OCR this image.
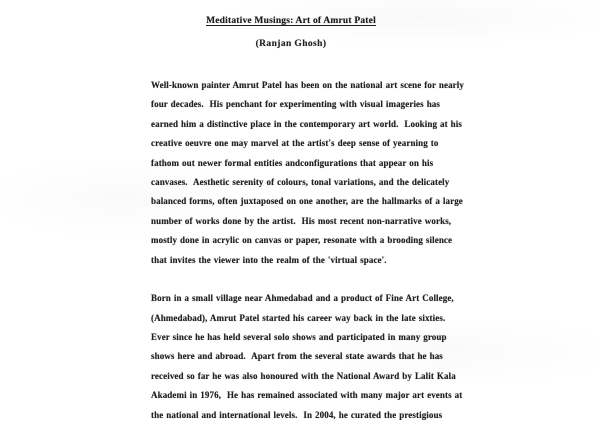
Meditative Musings: Art of Amrut Patel
(Ranjan Ghosh)
Well-known painter Amrut Patel has been on the national art scene for nearly
four decades.  His penchant for experimenting with visual imageries has
earned him a distinctive place in the contemporary art world.  Looking at his
creative oeuvre one may marvel at the artist's deep sense of yearning to
fathom out newer formal entities andconfigurations that appear on his
canvases.  Aesthetic serenity of colours, tonal variations, and the delicately
balanced forms, often juxtaposed on one another, are the hallmarks of a large
number of works done by the artist.  His most recent non-narrative works,
mostly done in acrylic on canvas or paper, resonate with a brooding silence
that invites the viewer into the realm of the 'virtual space'.
Born in a small village near Ahmedabad and a product of Fine Art College,
(Ahmedabad), Amrut Patel started his career way back in the late sixties.
Ever since he has held several solo shows and participated in many group
shows here and abroad.  Apart from the several state awards that he has
received so far he was also honoured with the National Award by Lalit Kala
Akademi in 1976,  He has remained associated with many major art events at
the national and international levels.  In 2004, he curated the prestigious
